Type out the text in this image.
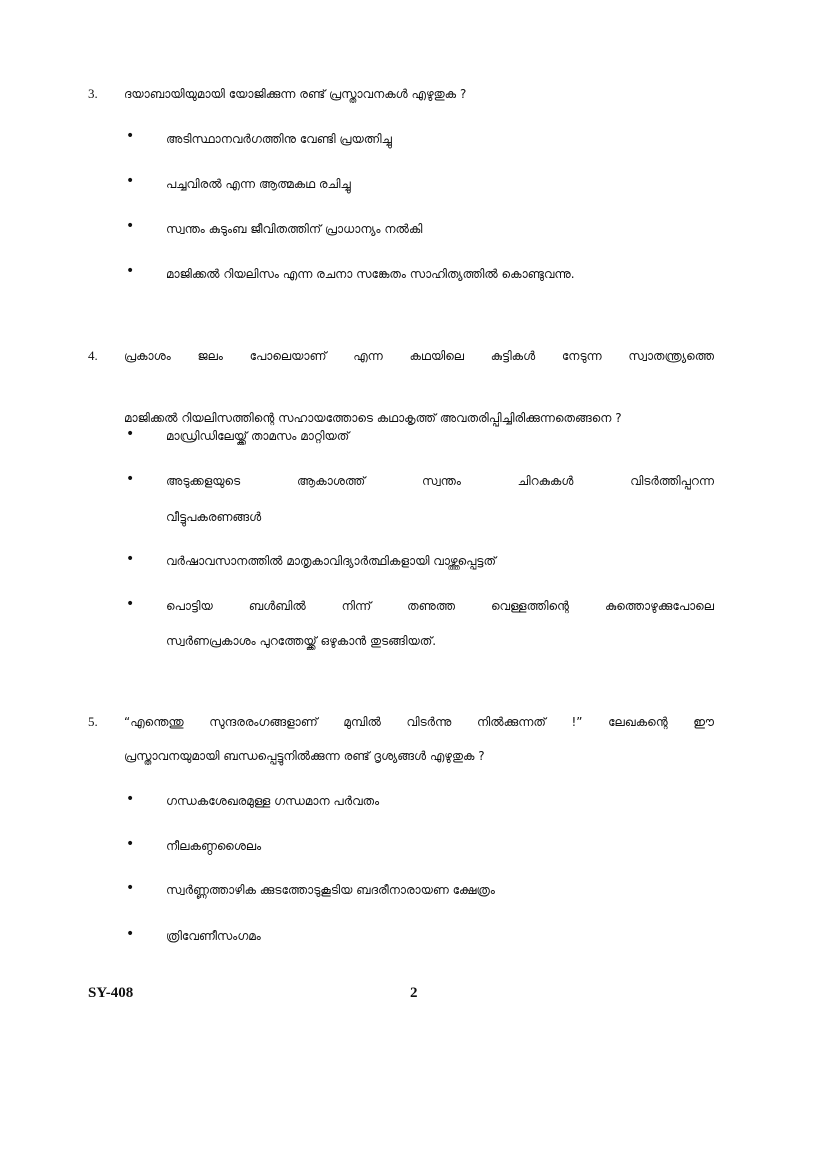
3. ദയാബായിയുമായി യോജിക്കുന്ന രണ്ട് പ്രസ്താവനകൾ എഴുതുക ?
•	അടിസ്ഥാനവർഗത്തിനു വേണ്ടി പ്രയത്നിച്ചു
•	പച്ചവിരൽ എന്ന ആത്മകഥ രചിച്ചു
•	സ്വന്തം കുടുംബ ജീവിതത്തിന് പ്രാധാന്യം നൽകി
•	മാജിക്കൽ റിയലിസം എന്ന രചനാ സങ്കേതം സാഹിത്യത്തിൽ കൊണ്ടുവന്നു.
4. പ്രകാശം ജലം പോലെയാണ് എന്ന കഥയിലെ കുട്ടികൾ നേടുന്ന സ്വാതന്ത്ര്യത്തെ
മാജിക്കൽ റിയലിസത്തിന്റെ സഹായത്തോടെ കഥാകൃത്ത് അവതരിപ്പിച്ചിരിക്കുന്നതെങ്ങനെ ?
•	മാഡ്രിഡിലേയ്ക്ക് താമസം മാറ്റിയത്
•	അടുക്കളയുടെ ആകാശത്ത് സ്വന്തം ചിറകുകൾ വിടർത്തിപ്പറന്ന
വീട്ടുപകരണങ്ങൾ
•	വർഷാവസാനത്തിൽ മാതൃകാവിദ്യാർത്ഥികളായി വാഴ്ത്തപ്പെട്ടത്
•	പൊട്ടിയ ബൾബിൽ നിന്ന് തണുത്ത വെള്ളത്തിന്റെ കുത്തൊഴുക്കുപോലെ
സ്വർണപ്രകാശം പുറത്തേയ്ക്ക് ഒഴുകാൻ തുടങ്ങിയത്.
5. “എന്തെന്തു സുന്ദരരംഗങ്ങളാണ് മുമ്പിൽ വിടർന്നു നിൽക്കുന്നത് !” ലേഖകന്റെ ഈ
പ്രസ്താവനയുമായി ബന്ധപ്പെട്ടുനിൽക്കുന്ന രണ്ട് ദൃശ്യങ്ങൾ എഴുതുക ?
•	ഗന്ധകശേഖരമുള്ള ഗന്ധമാന പർവതം
•	നീലകണ്ഠശൈലം
•	സ്വർണ്ണത്താഴിക ക്കുടത്തോടുകൂടിയ ബദരീനാരായണ ക്ഷേത്രം
•	ത്രിവേണീസംഗമം
SY-408	2
